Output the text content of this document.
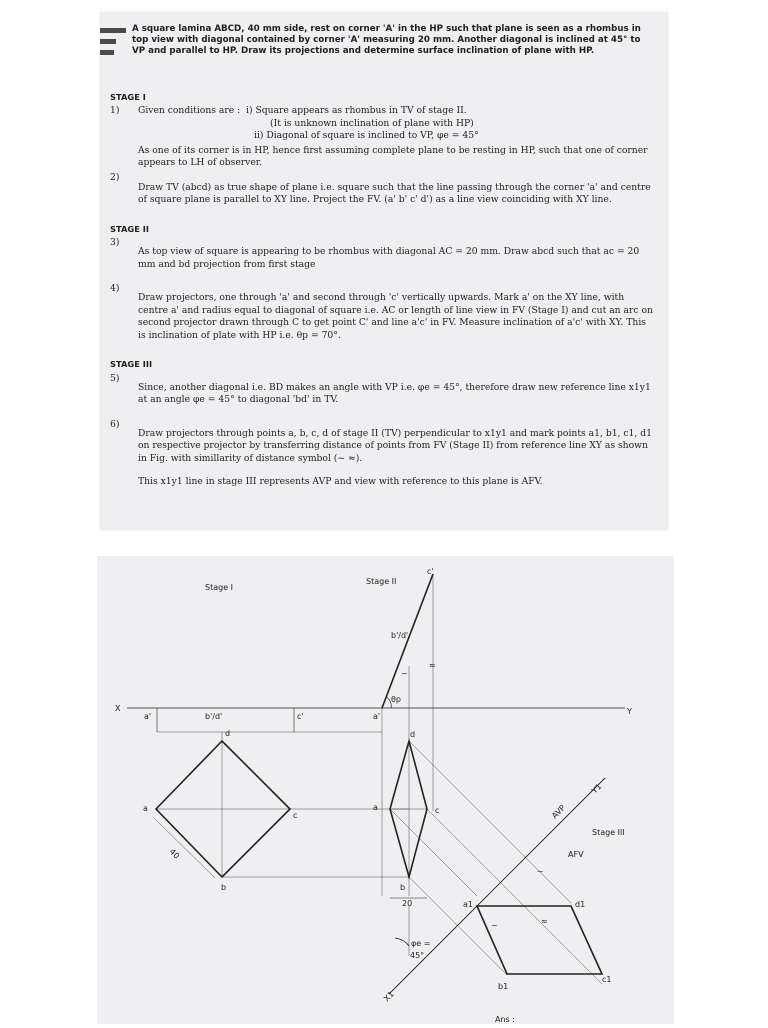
A square lamina ABCD, 40 mm side, rest on corner 'A' in the HP such that plane is seen as a rhombus in top view with diagonal contained by corner 'A' measuring 20 mm. Another diagonal is inclined at 45° to VP and parallel to HP. Draw its projections and determine surface inclination of plane with HP.

STAGE I
1)	Given conditions are : i) Square appears as rhombus in TV of stage II.

(It is unknown inclination of plane with HP)

ii) Diagonal of square is inclined to VP, φe = 45°

As one of its corner is in HP, hence first assuming complete plane to be resting in HP, such that one of corner appears to LH of observer.

2)

Draw TV (abcd) as true shape of plane i.e. square such that the line passing through the corner 'a' and centre of square plane is parallel to XY line. Project the FV. (a' b' c' d') as a line view coinciding with XY line.

STAGE II
3)

As top view of square is appearing to be rhombus with diagonal AC = 20 mm. Draw abcd such that ac = 20 mm and bd projection from first stage

4)

Draw projectors, one through 'a' and second through 'c' vertically upwards. Mark a' on the XY line, with centre a' and radius equal to diagonal of square i.e. AC or length of line view in FV (Stage I) and cut an arc on second projector drawn through C to get point C' and line a'c' in FV. Measure inclination of a'c' with XY. This is inclination of plate with HP i.e. θp = 70°.

STAGE III
5)

Since, another diagonal i.e. BD makes an angle with VP i.e. φe = 45°, therefore draw new reference line x1y1 at an angle φe = 45° to diagonal 'bd' in TV.

6)

Draw projectors through points a, b, c, d of stage II (TV) perpendicular to x1y1 and mark points a1, b1, c1, d1 on respective projector by transferring distance of points from FV (Stage II) from reference line XY as shown in Fig. with simillarity of distance symbol (~ ≈).

This x1y1 line in stage III represents AVP and view with reference to this plane is AFV.

Stage I
Stage II
Stage III
AFV
AVP
X	Y
X1
Y1
a'	b'/d'	c'
a
b
c
d
40
a'
c'
b'/d'
θp
a
b
c
d
20
φe =
45°
a1
b1
c1
d1
~
≈
~
≈
~
Ans :
